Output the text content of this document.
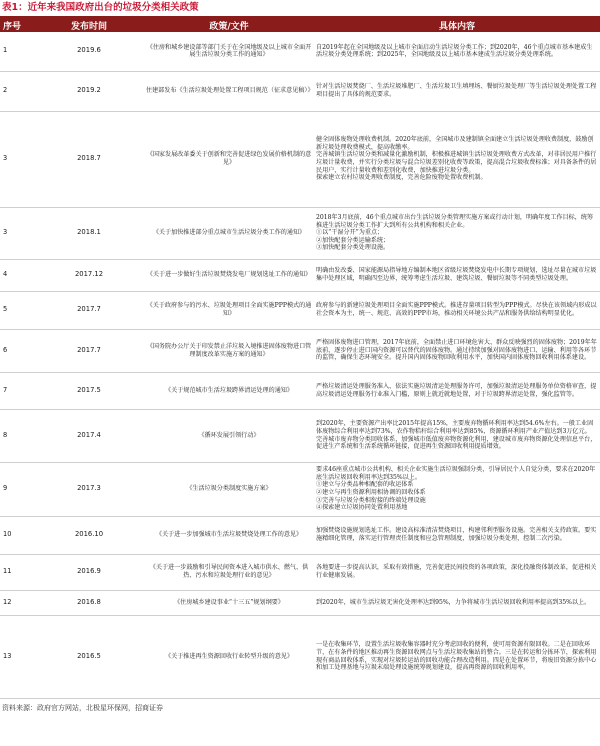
表1：近年来我国政府出台的垃圾分类相关政策
序号	发布时间	政策/文件	具体内容
1	2019.6	《住房和城乡建设部等部门关于在全国地级及以上城市全面开展生活垃圾分类工作的通知》	自2019年起在全国地级及以上城市全面启动生活垃圾分类工作；到2020年，46个重点城市基本建成生活垃圾分类处理系统；到2025年，全国地级及以上城市基本建成生活垃圾分类处理系统。

2	2019.2	住建部发布《生活垃圾处理处置工程项目规范（征求意见稿）》	针对生活垃圾焚烧厂、生活垃圾堆肥厂、生活垃圾卫生填埋场、餐厨垃圾处理厂等生活垃圾处理处置工程项目提出了具体的规范要求。

3	2018.7	《国家发展改革委关于创新和完善促进绿色发展价格机制的意见》	健全固体废物处理收费机制。2020年底前，全国城市及建制镇全面建立生活垃圾处理收费制度，鼓励创新垃圾处理收费模式，提高收缴率。
完善城镇生活垃圾分类和减量化激励机制，积极推进城镇生活垃圾处理收费方式改革，对非居民用户推行垃圾计量收费，并实行分类垃圾与混合垃圾差别化收费等政策，提高混合垃圾收费标准；对具备条件的居民用户，实行计量收费和差别化收费，加快推进垃圾分类。
探索建立农村垃圾处理收费制度，完善危险废物处置收费机制。

3	2018.1	《关于加快推进部分重点城市生活垃圾分类工作的通知》	2018年3月底前，46个重点城市出台生活垃圾分类管理实施方案或行动计划，明确年度工作目标，统筹推进生活垃圾分类工作扩大到所有公共机构和相关企业。
①以“干湿分开”为重点；
②加快配套分类运输系统；
③加快配套分类处理设施。

4	2017.12	《关于进一步做好生活垃圾焚烧发电厂规划选址工作的通知》	明确由发改委、国家能源局指导地方编制本地区省级垃圾焚烧发电中长期专项规划，选址尽量在城市垃圾集中处理区域，明确四至边界，统筹考虑生活垃圾、建筑垃圾、餐厨垃圾等不同类型垃圾处理。

5	2017.7	《关于政府参与的污水、垃圾处理项目全面实施PPP模式的通知》	政府参与的新建垃圾处理项目全面实施PPP模式。推进存量项目转型为PPP模式。尽快在该领域内形成以社会资本为主，统一、规范、高效的PPP市场，推动相关环境公共产品和服务供给结构明显优化。

6	2017.7	《国务院办公厅关于印发禁止洋垃圾入境推进固体废物进口管理制度改革实施方案的通知》	严格固体废物进口管理，2017年底前，全面禁止进口环境危害大、群众反映强烈的固体废物；2019年年底前，逐步停止进口国内资源可以替代的固体废物。通过持续加强对固体废物进口、运输、利用等各环节的监管，确保生态环境安全。提升国内固体废物回收利用水平，加快国内固体废物回收利用体系建设。

7	2017.5	《关于规范城市生活垃圾跨界清运处理的通知》	严格垃圾清运处理服务准入，依法实施垃圾清运处理服务许可，加强垃圾清运处理服务单位资格审查，提高垃圾清运处理服务行业准入门槛，原则上就近就地处置，对于垃圾跨界清运处置，强化监管等。

8	2017.4	《循环发展引领行动》	到2020年，主要资源产出率比2015年提高15%，主要废弃物循环利用率达到54.6%左右。一般工业固体废物综合利用率达到73%，农作物秸秆综合利用率达到85%，资源循环利用产业产值达到3万亿元。
完善城市废弃物分类回收体系，加强城市低值废弃物资源化利用，建设城市废弃物资源化处理信息平台，促进生产系统和生活系统循环链接，促进再生资源回收利用提质增效。

9	2017.3	《生活垃圾分类制度实施方案》	要求46座重点城市公共机构、相关企业实施生活垃圾强制分类，引导居民个人自觉分类，要求在2020年底生活垃圾回收利用率达到35%以上。
①建立与分类品种相配套的收运体系
②建立与再生资源利用相协调的回收体系
③完善与垃圾分类相衔接的终端处理设施
④探索建立垃圾协同处置利用基地

10	2016.10	《关于进一步加强城市生活垃圾焚烧处理工作的意见》	加强焚烧设施规划选址工作。建设高标准清洁焚烧项目，构建邻利型服务设施。完善相关支持政策。要实施精细化管理，落实运行管理责任制度和应急管理制度，加强垃圾分类处理，控制二次污染。

11	2016.9	《关于进一步鼓励和引导民间资本进入城市供水、燃气、供热、污水和垃圾处理行业的意见》	各地要进一步提高认识，采取有效措施，完善促进民间投资的各项政策，深化投融资体制改革，促进相关行业健康发展。

12	2016.8	《住房城乡建设事业“十三五”规划纲要》	到2020年，城市生活垃圾无害化处理率达到95%，力争将城市生活垃圾回收利用率提高到35%以上。

13	2016.5	《关于推进再生资源回收行业转型升级的意见》	一是在收集环节，设置生活垃圾收集容器时充分考虑回收的便利，使可用资源有限回收。二是在回收环节，在有条件的地区推动再生资源回收网点与生活垃圾收集站的整合。三是在转运和分拣环节，探索利用现有商品回收体系，实现对垃圾转运站的回收功能合理改造利用。四是在处置环节，将废旧资源分拣中心和加工处理基地与垃圾末端处理设施统筹规划建设，提高再资源的回收利用率。
资料来源：政府官方网站，北极星环保网，招商证券
